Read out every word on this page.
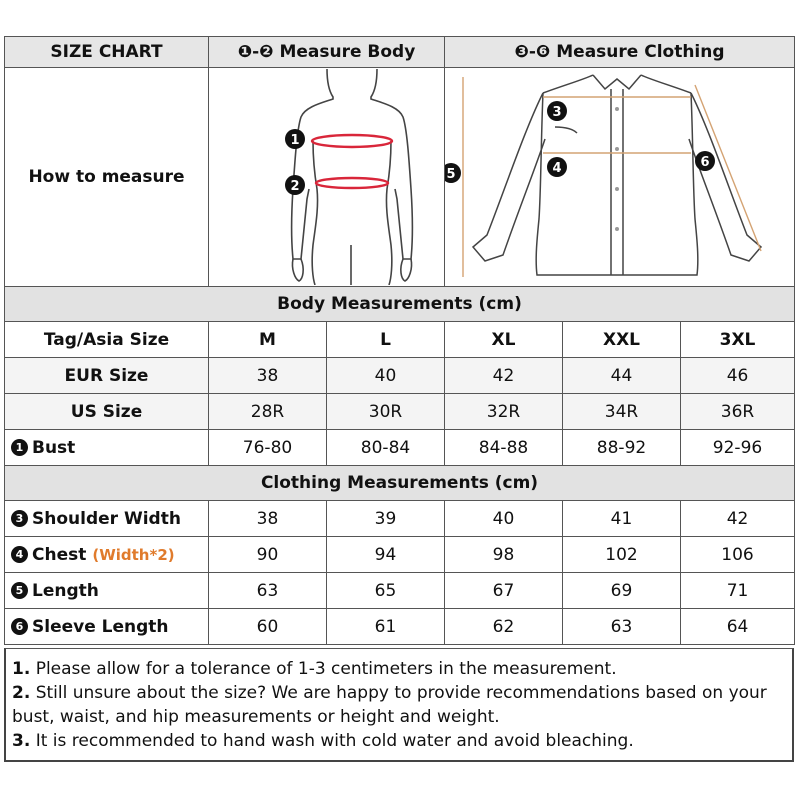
SIZE CHART	❶-❷ Measure Body		❸-❻ Measure Clothing		
How to measure	1
2		3
4
5
6		

Body Measurements (cm)					
Tag/Asia Size	M	L	XL	XXL	3XL
EUR Size	38	40	42	44	46
US Size	28R	30R	32R	34R	36R
1 Bust	76-80	80-84	84-88	88-92	92-96
Clothing Measurements (cm)					
3 Shoulder Width	38	39	40	41	42
4 Chest (Width*2)	90	94	98	102	106
5 Length	63	65	67	69	71
6 Sleeve Length	60	61	62	63	64

1. Please allow for a tolerance of 1-3 centimeters in the measurement.

2. Still unsure about the size? We are happy to provide recommendations based on your bust, waist, and hip measurements or height and weight.

3. It is recommended to hand wash with cold water and avoid bleaching.
